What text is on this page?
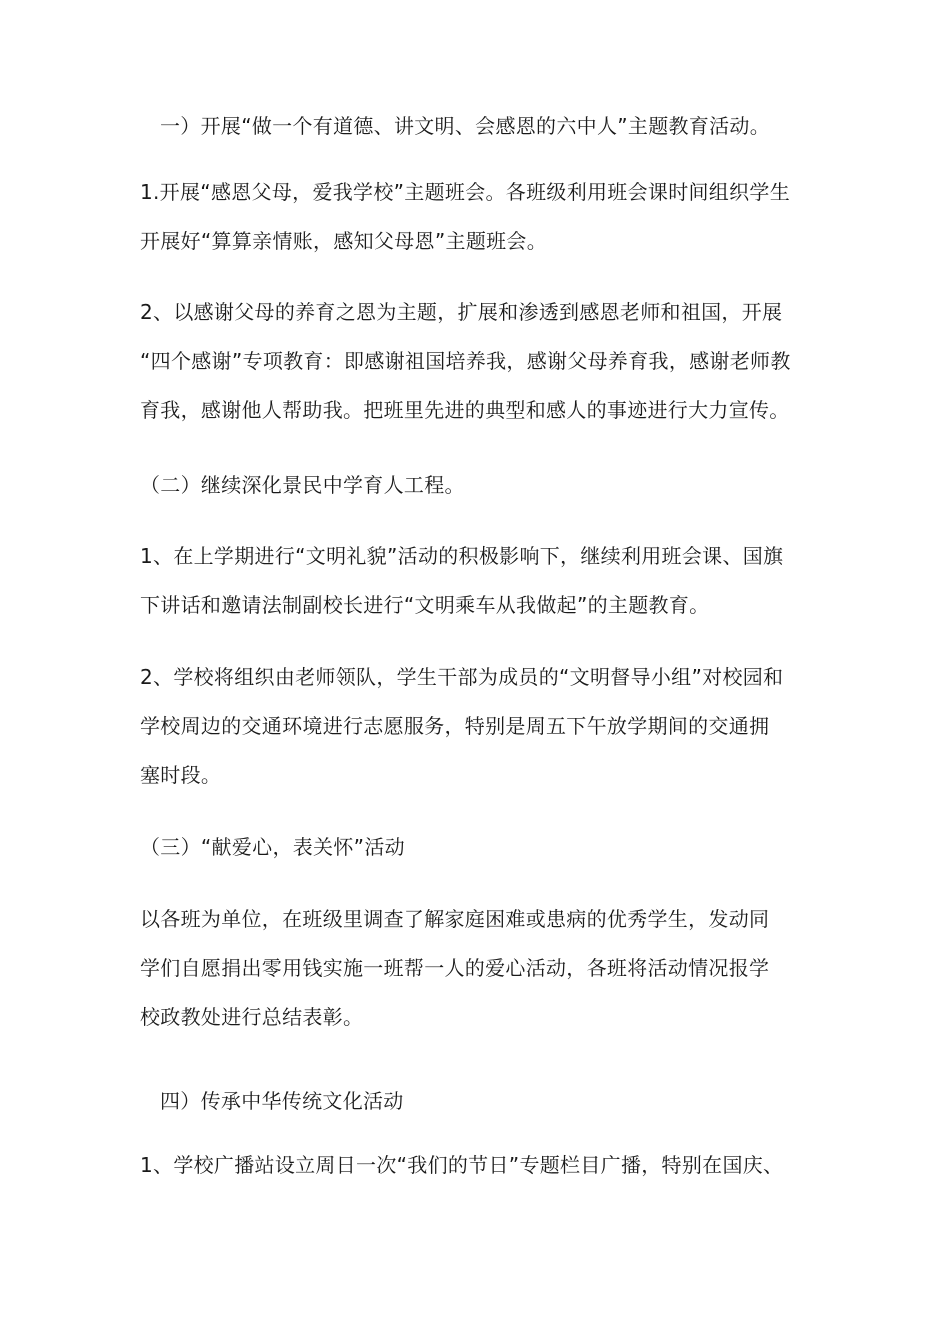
一）开展“做一个有道德、讲文明、会感恩的六中人”主题教育活动。

1.开展“感恩父母，爱我学校”主题班会。各班级利用班会课时间组织学生
开展好“算算亲情账，感知父母恩”主题班会。

2、以感谢父母的养育之恩为主题，扩展和渗透到感恩老师和祖国，开展
“四个感谢”专项教育：即感谢祖国培养我，感谢父母养育我，感谢老师教
育我，感谢他人帮助我。把班里先进的典型和感人的事迹进行大力宣传。

（二）继续深化景民中学育人工程。

1、在上学期进行“文明礼貌”活动的积极影响下，继续利用班会课、国旗
下讲话和邀请法制副校长进行“文明乘车从我做起”的主题教育。

2、学校将组织由老师领队，学生干部为成员的“文明督导小组”对校园和
学校周边的交通环境进行志愿服务，特别是周五下午放学期间的交通拥
塞时段。

（三）“献爱心，表关怀”活动

以各班为单位，在班级里调查了解家庭困难或患病的优秀学生，发动同
学们自愿捐出零用钱实施一班帮一人的爱心活动，各班将活动情况报学
校政教处进行总结表彰。

四）传承中华传统文化活动

1、学校广播站设立周日一次“我们的节日”专题栏目广播，特别在国庆、
